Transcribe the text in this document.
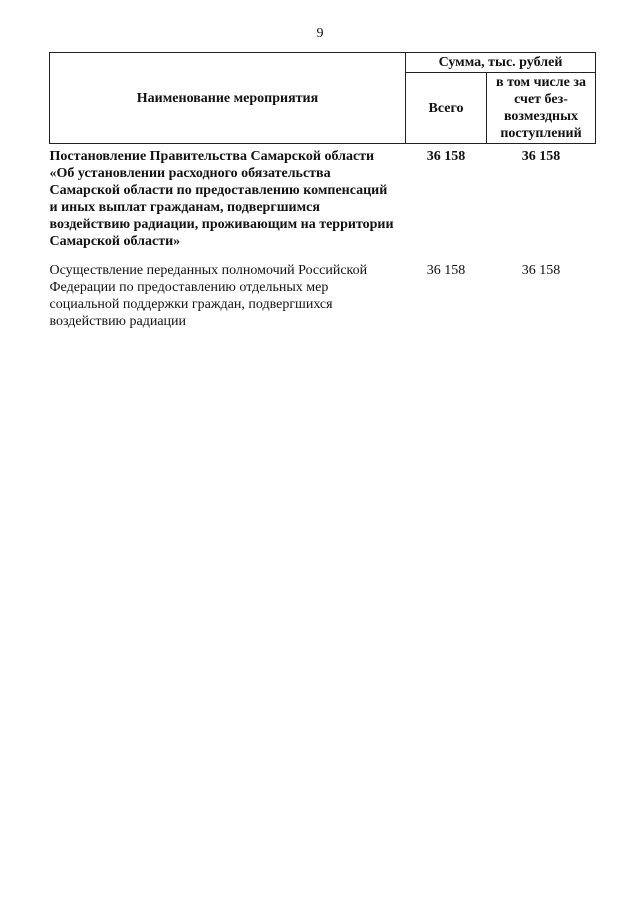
9
Наименование мероприятия	Сумма, тыс. рублей	
	Всего	в том числе за счет без-возмездных поступлений
Постановление Правительства Самарской области «Об установлении расходного обязательства Самарской области по предоставлению компенсаций и иных выплат гражданам, подвергшимся воздействию радиации, проживающим на территории Самарской области»	36 158	36 158
Осуществление переданных полномочий Российской Федерации по предоставлению отдельных мер социальной поддержки граждан, подвергшихся воздействию радиации	36 158	36 158
